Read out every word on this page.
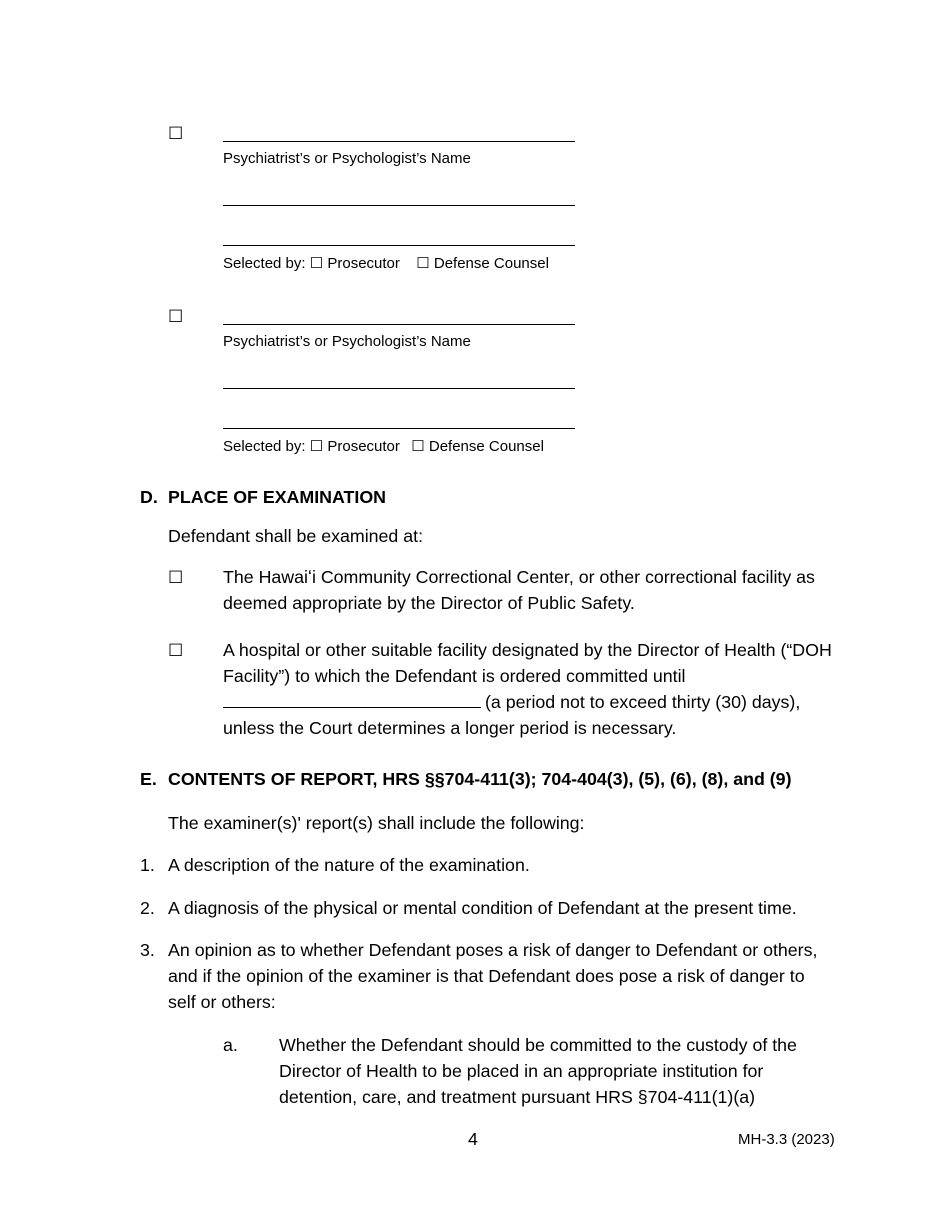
☐
Psychiatrist’s or Psychologist’s Name
Selected by: ☐ Prosecutor ☐ Defense Counsel
☐
Psychiatrist’s or Psychologist’s Name
Selected by: ☐ Prosecutor ☐ Defense Counsel
D. PLACE OF EXAMINATION
Defendant shall be examined at:
☐ The Hawaiʻi Community Correctional Center, or other correctional facility as deemed appropriate by the Director of Public Safety.
☐ A hospital or other suitable facility designated by the Director of Health (“DOH Facility”) to which the Defendant is ordered committed until (a period not to exceed thirty (30) days), unless the Court determines a longer period is necessary.
E. CONTENTS OF REPORT, HRS §§704-411(3); 704-404(3), (5), (6), (8), and (9)
The examiner(s)' report(s) shall include the following:
1. A description of the nature of the examination.
2. A diagnosis of the physical or mental condition of Defendant at the present time.
3. An opinion as to whether Defendant poses a risk of danger to Defendant or others, and if the opinion of the examiner is that Defendant does pose a risk of danger to self or others:
a. Whether the Defendant should be committed to the custody of the Director of Health to be placed in an appropriate institution for detention, care, and treatment pursuant HRS §704-411(1)(a)
4	MH-3.3 (2023)
